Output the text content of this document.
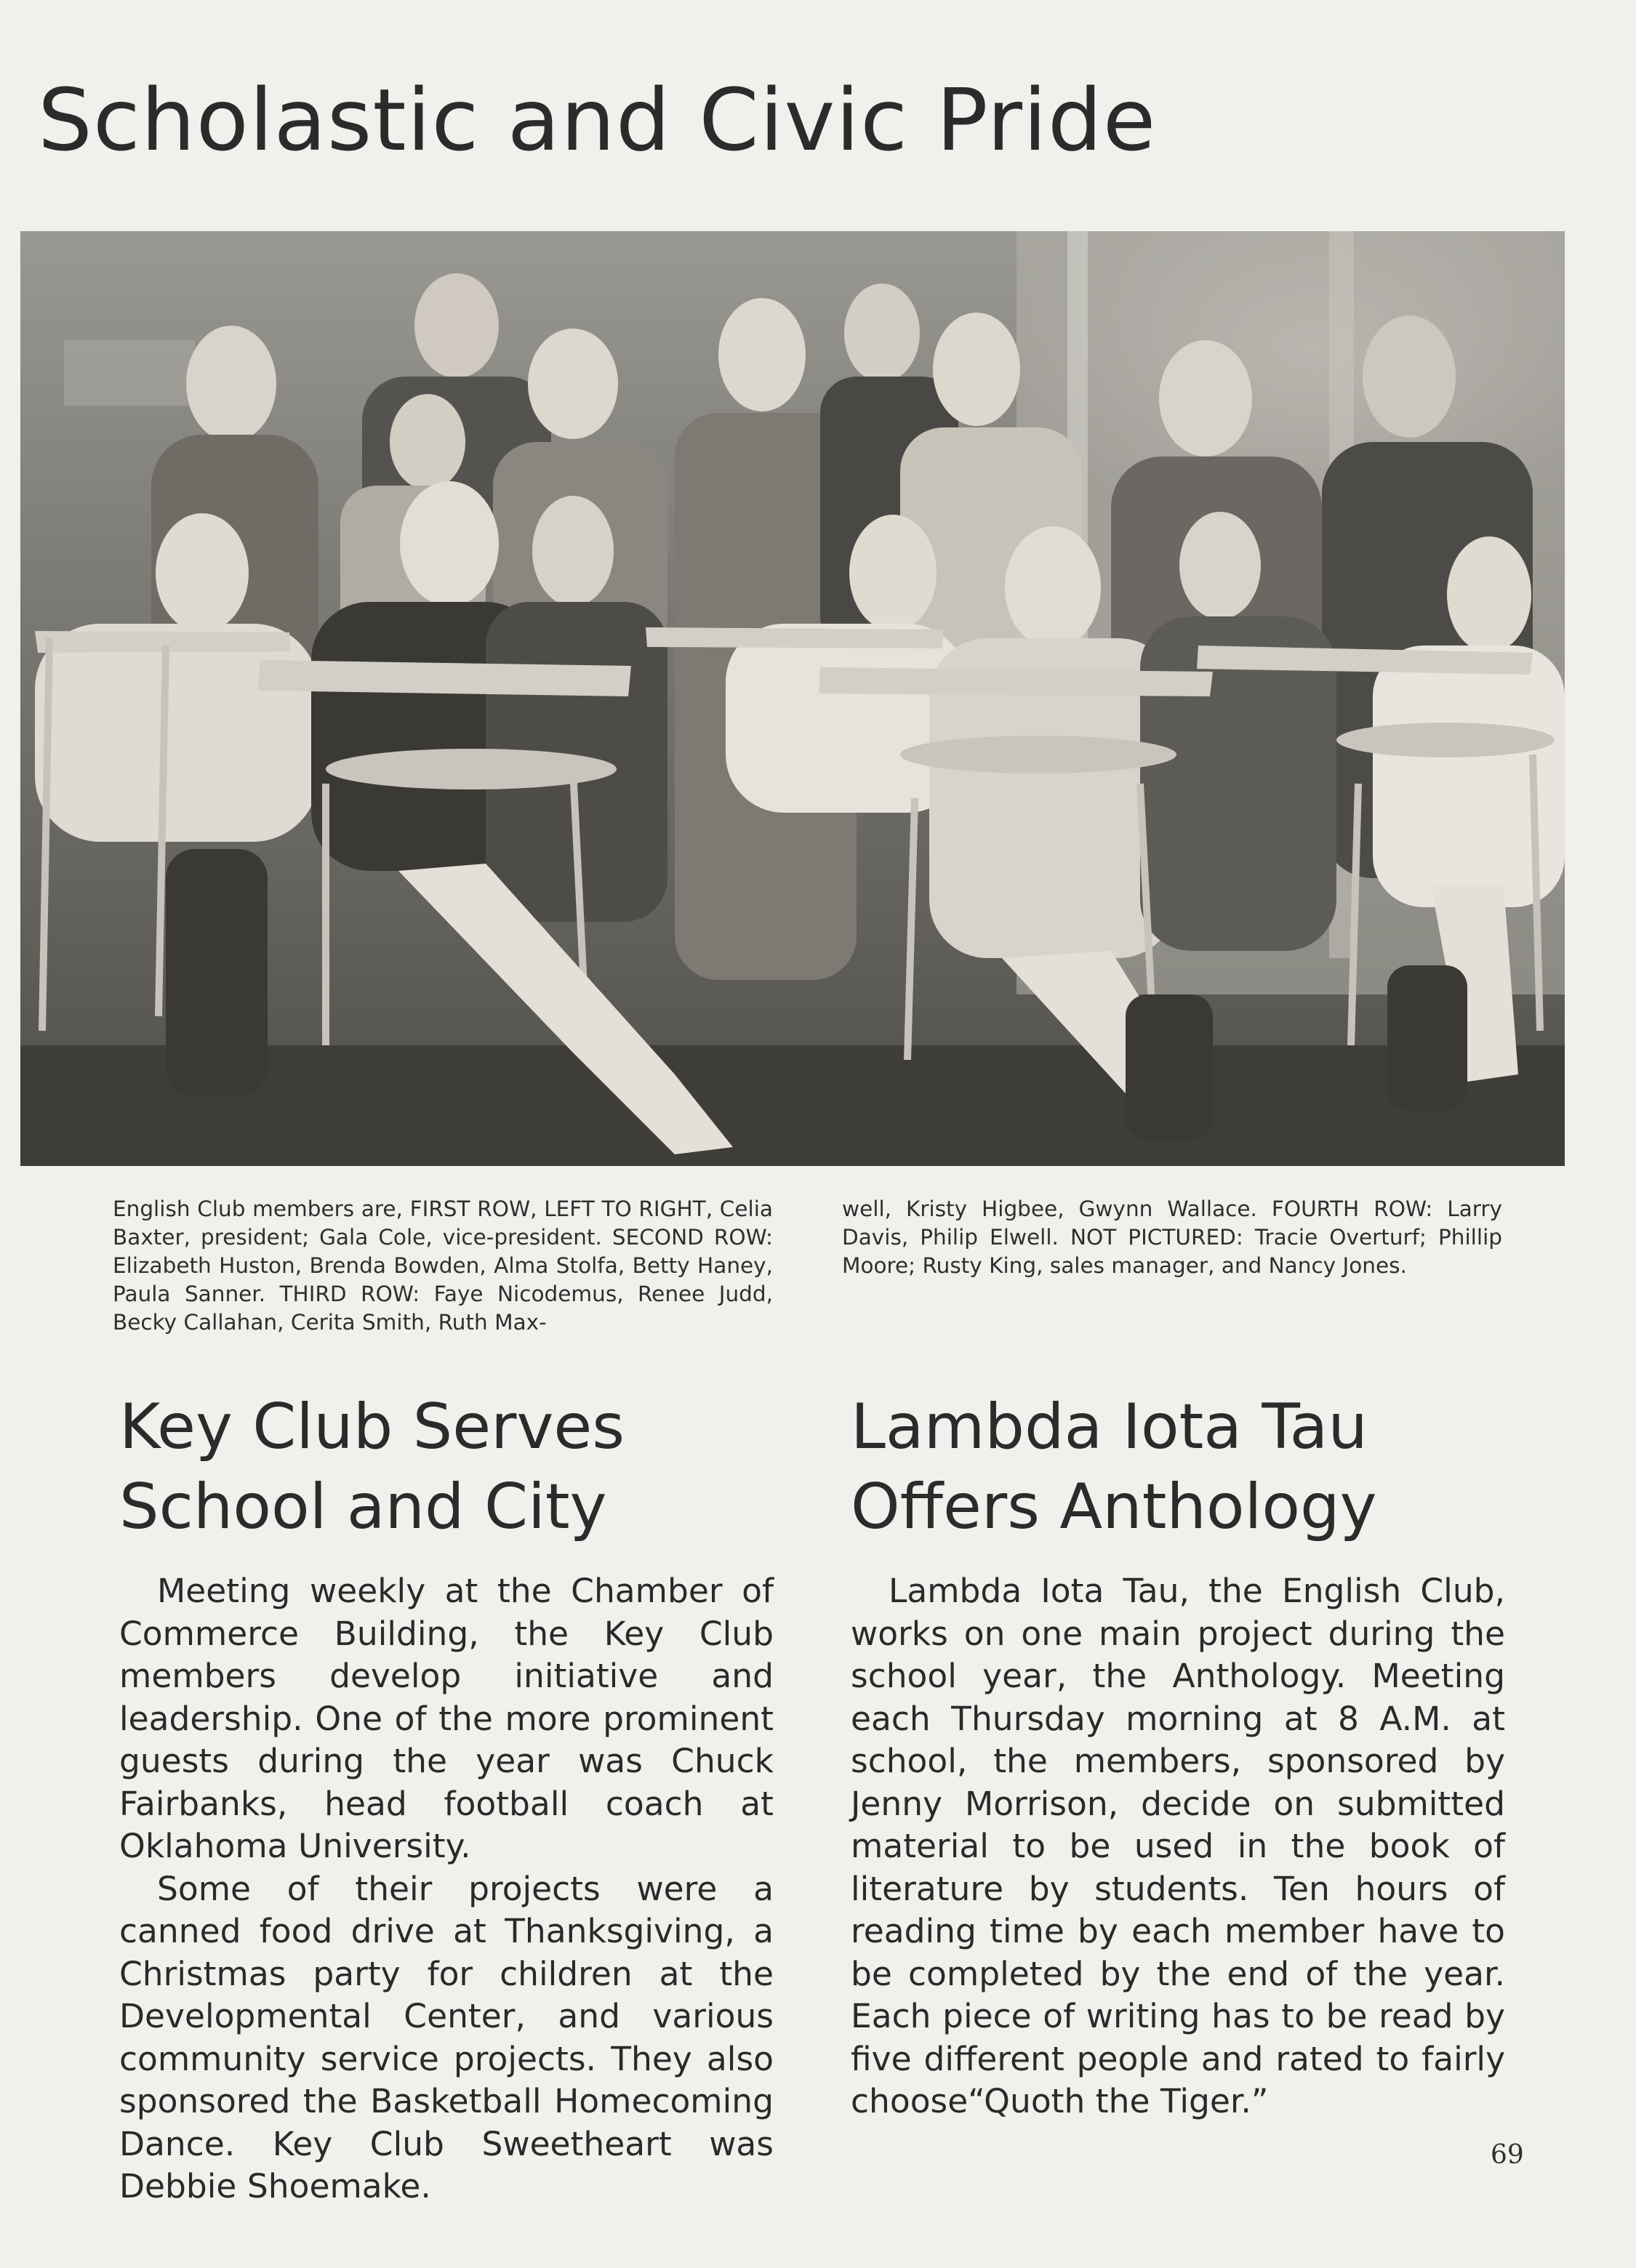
Scholastic and Civic Pride

English Club members are, FIRST ROW, LEFT TO RIGHT, Celia Baxter, president; Gala Cole, vice-president. SECOND ROW: Elizabeth Huston, Brenda Bowden, Alma Stolfa, Betty Haney, Paula Sanner. THIRD ROW: Faye Nicodemus, Renee Judd, Becky Callahan, Cerita Smith, Ruth Max-

well, Kristy Higbee, Gwynn Wallace. FOURTH ROW: Larry Davis, Philip Elwell. NOT PICTURED: Tracie Overturf; Phillip Moore; Rusty King, sales manager, and Nancy Jones.

Key Club Serves
School and City
Lambda Iota Tau
Offers Anthology

Meeting weekly at the Chamber of Commerce Building, the Key Club members develop initiative and leadership. One of the more prominent guests during the year was Chuck Fairbanks, head football coach at Oklahoma University.

Some of their projects were a canned food drive at Thanksgiving, a Christmas party for children at the Developmental Center, and various community service projects. They also sponsored the Basketball Homecoming Dance. Key Club Sweetheart was Debbie Shoemake.

Lambda Iota Tau, the English Club, works on one main project during the school year, the Anthology. Meeting each Thursday morning at 8 A.M. at school, the members, sponsored by Jenny Morrison, decide on submitted material to be used in the book of literature by students. Ten hours of reading time by each member have to be completed by the end of the year. Each piece of writing has to be read by five different people and rated to fairly choose“Quoth the Tiger.”

69
